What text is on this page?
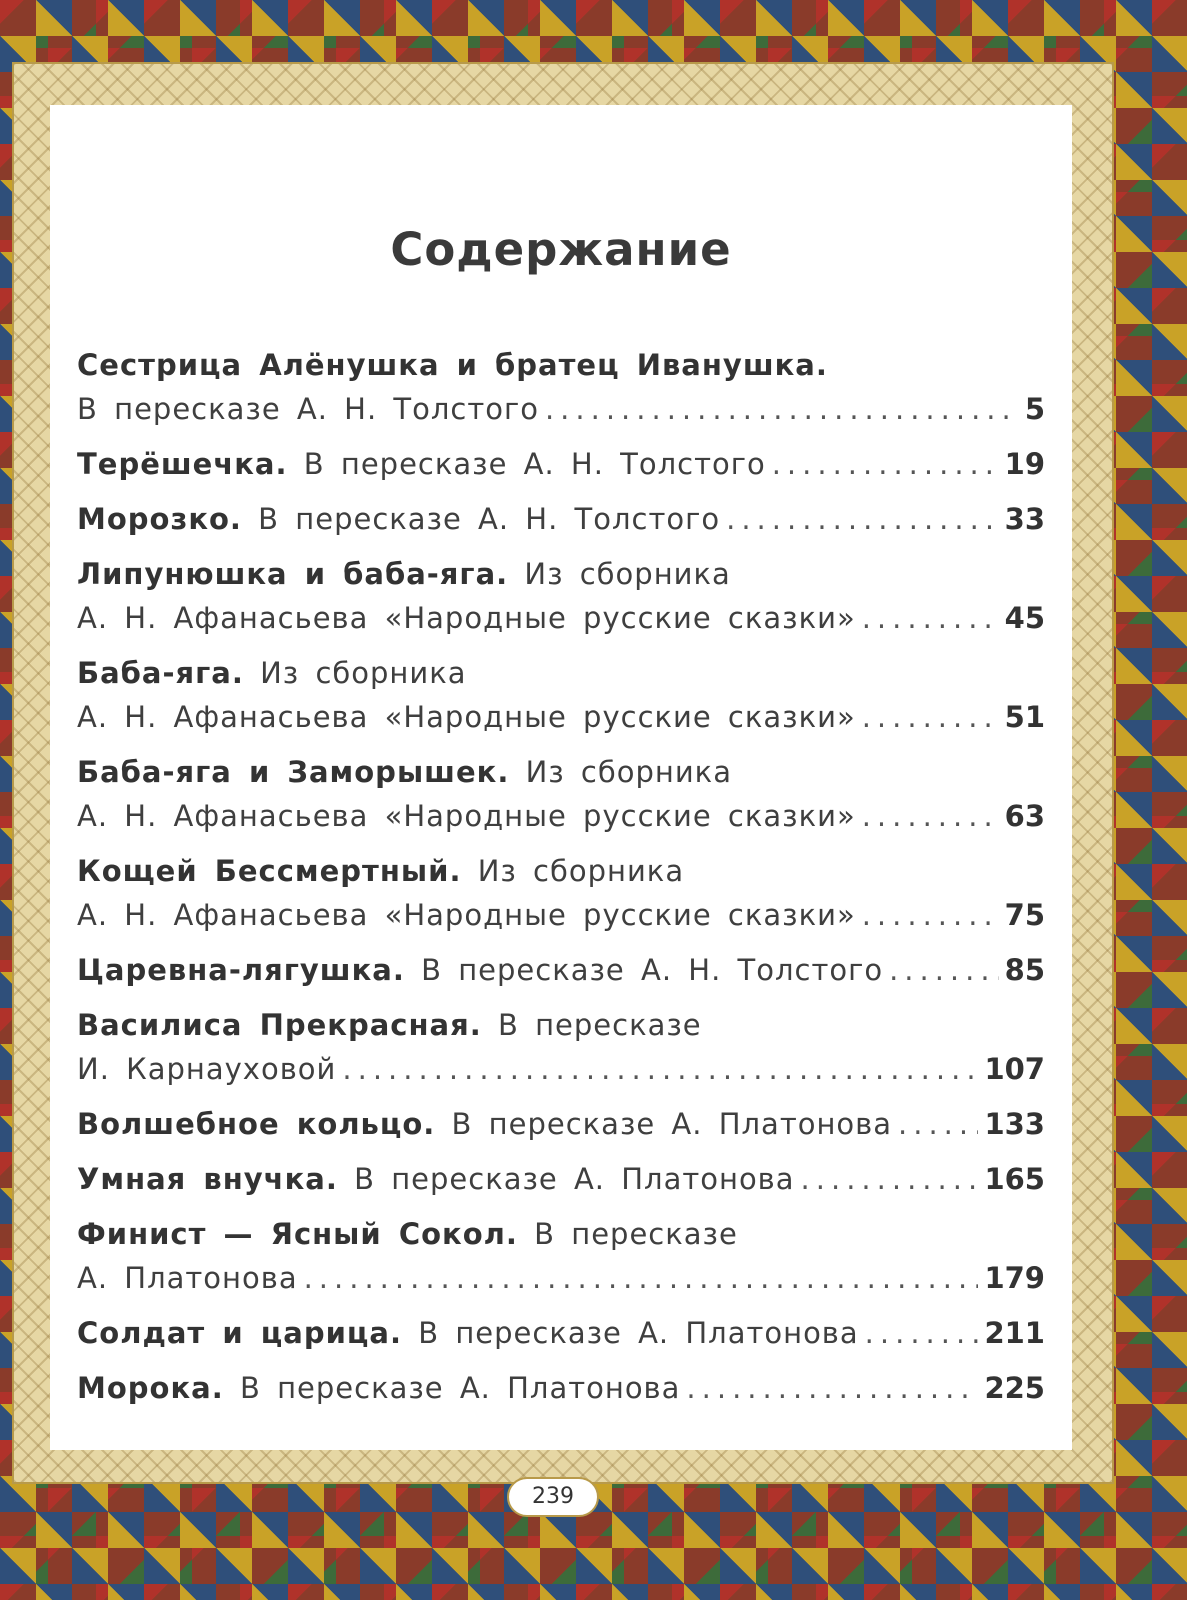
Содержание
Сестрица Алёнушка и братец Иванушка.
В пересказе А. Н. Толстого .....	5
Терёшечка.
В пересказе А. Н. Толстого .....	19
Морозко.
В пересказе А. Н. Толстого .....	33
Липунюшка и баба-яга.
Из сборника
А. Н. Афанасьева «Народные русские сказки» .....	45
Баба-яга.
Из сборника
А. Н. Афанасьева «Народные русские сказки» .....	51
Баба-яга и Заморышек.
Из сборника
А. Н. Афанасьева «Народные русские сказки» .....	63
Кощей Бессмертный.
Из сборника
А. Н. Афанасьева «Народные русские сказки» .....	75
Царевна-лягушка.
В пересказе А. Н. Толстого .....	85
Василиса Прекрасная.
В пересказе
И. Карнауховой .....	107
Волшебное кольцо.
В пересказе А. Платонова .....	133
Умная внучка.
В пересказе А. Платонова .....	165
Финист — Ясный Сокол.
В пересказе
А. Платонова .....	179
Солдат и царица.
В пересказе А. Платонова .....	211
Морока.
В пересказе А. Платонова .....	225
239
